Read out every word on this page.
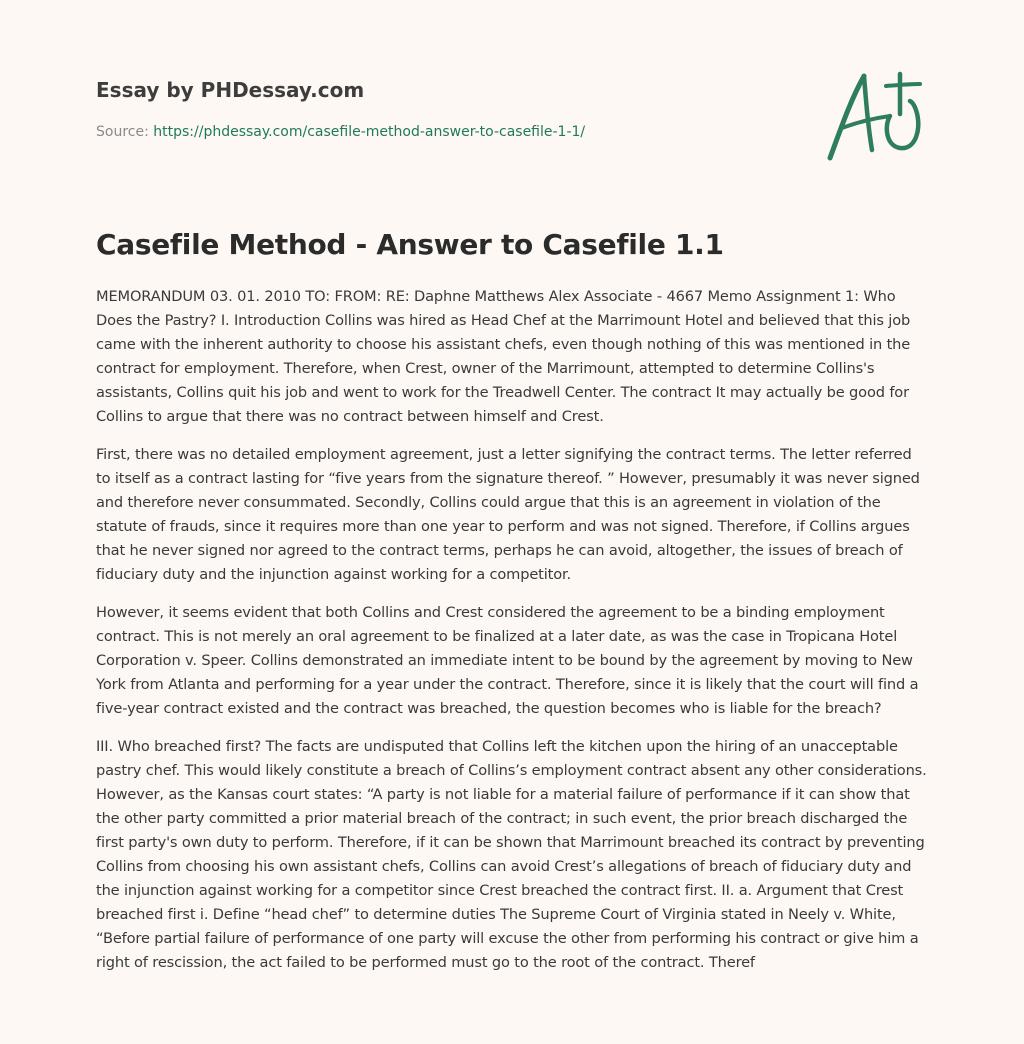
Essay by PHDessay.com
Source: https://phdessay.com/casefile-method-answer-to-casefile-1-1/
Casefile Method - Answer to Casefile 1.1

MEMORANDUM 03. 01. 2010 TO: FROM: RE: Daphne Matthews Alex Associate - 4667 Memo Assignment 1: Who Does the Pastry? I. Introduction Collins was hired as Head Chef at the Marrimount Hotel and believed that this job came with the inherent authority to choose his assistant chefs, even though nothing of this was mentioned in the contract for employment. Therefore, when Crest, owner of the Marrimount, attempted to determine Collins's assistants, Collins quit his job and went to work for the Treadwell Center. The contract It may actually be good for Collins to argue that there was no contract between himself and Crest.

First, there was no detailed employment agreement, just a letter signifying the contract terms. The letter referred to itself as a contract lasting for “five years from the signature thereof. ” However, presumably it was never signed and therefore never consummated. Secondly, Collins could argue that this is an agreement in violation of the statute of frauds, since it requires more than one year to perform and was not signed. Therefore, if Collins argues that he never signed nor agreed to the contract terms, perhaps he can avoid, altogether, the issues of breach of fiduciary duty and the injunction against working for a competitor.

However, it seems evident that both Collins and Crest considered the agreement to be a binding employment contract. This is not merely an oral agreement to be finalized at a later date, as was the case in Tropicana Hotel Corporation v. Speer. Collins demonstrated an immediate intent to be bound by the agreement by moving to New York from Atlanta and performing for a year under the contract. Therefore, since it is likely that the court will find a five-year contract existed and the contract was breached, the question becomes who is liable for the breach?

III. Who breached first? The facts are undisputed that Collins left the kitchen upon the hiring of an unacceptable pastry chef. This would likely constitute a breach of Collins’s employment contract absent any other considerations. However, as the Kansas court states: “A party is not liable for a material failure of performance if it can show that the other party committed a prior material breach of the contract; in such event, the prior breach discharged the first party's own duty to perform. Therefore, if it can be shown that Marrimount breached its contract by preventing Collins from choosing his own assistant chefs, Collins can avoid Crest’s allegations of breach of fiduciary duty and the injunction against working for a competitor since Crest breached the contract first. II. a. Argument that Crest breached first i. Define “head chef” to determine duties The Supreme Court of Virginia stated in Neely v. White, “Before partial failure of performance of one party will excuse the other from performing his contract or give him a right of rescission, the act failed to be performed must go to the root of the contract. Theref
